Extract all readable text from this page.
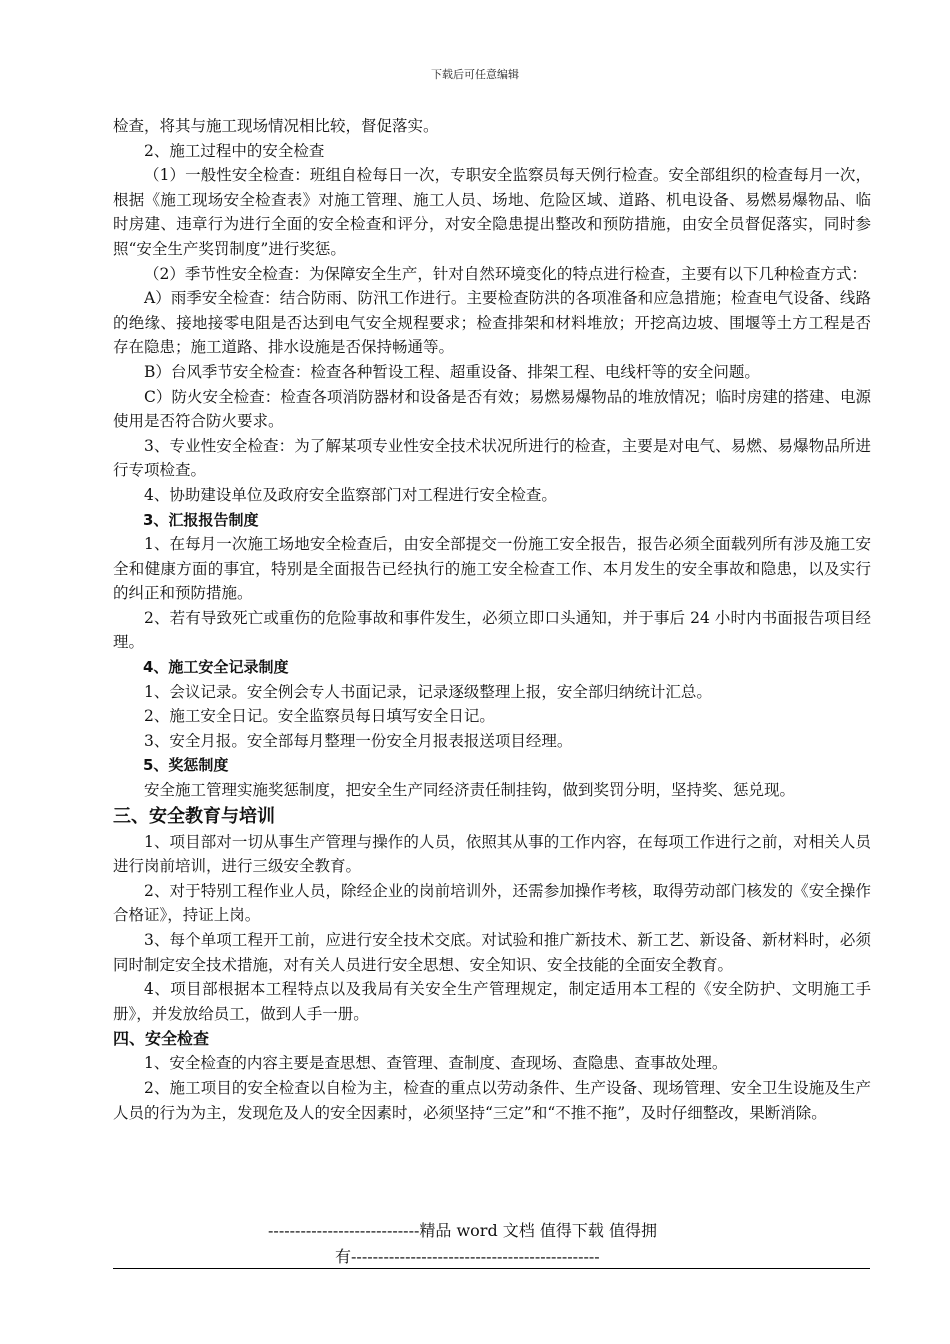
下载后可任意编辑

检查，将其与施工现场情况相比较，督促落实。

2、施工过程中的安全检查

（1）一般性安全检查：班组自检每日一次，专职安全监察员每天例行检查。安全部组织的检查每月一次，根据《施工现场安全检查表》对施工管理、施工人员、场地、危险区域、道路、机电设备、易燃易爆物品、临时房建、违章行为进行全面的安全检查和评分，对安全隐患提出整改和预防措施，由安全员督促落实，同时参照“安全生产奖罚制度”进行奖惩。

（2）季节性安全检查：为保障安全生产，针对自然环境变化的特点进行检查，主要有以下几种检查方式：

A）雨季安全检查：结合防雨、防汛工作进行。主要检查防洪的各项准备和应急措施；检查电气设备、线路的绝缘、接地接零电阻是否达到电气安全规程要求；检查排架和材料堆放；开挖高边坡、围堰等土方工程是否存在隐患；施工道路、排水设施是否保持畅通等。

B）台风季节安全检查：检查各种暂设工程、超重设备、排架工程、电线杆等的安全问题。

C）防火安全检查：检查各项消防器材和设备是否有效；易燃易爆物品的堆放情况；临时房建的搭建、电源使用是否符合防火要求。

3、专业性安全检查：为了解某项专业性安全技术状况所进行的检查，主要是对电气、易燃、易爆物品所进行专项检查。

4、协助建设单位及政府安全监察部门对工程进行安全检查。

3、汇报报告制度

1、在每月一次施工场地安全检查后，由安全部提交一份施工安全报告，报告必须全面载列所有涉及施工安全和健康方面的事宜，特别是全面报告已经执行的施工安全检查工作、本月发生的安全事故和隐患，以及实行的纠正和预防措施。

2、若有导致死亡或重伤的危险事故和事件发生，必须立即口头通知，并于事后 24 小时内书面报告项目经理。

4、施工安全记录制度

1、会议记录。安全例会专人书面记录，记录逐级整理上报，安全部归纳统计汇总。

2、施工安全日记。安全监察员每日填写安全日记。

3、安全月报。安全部每月整理一份安全月报表报送项目经理。

5、奖惩制度

安全施工管理实施奖惩制度，把安全生产同经济责任制挂钩，做到奖罚分明，坚持奖、惩兑现。

三、安全教育与培训

1、项目部对一切从事生产管理与操作的人员，依照其从事的工作内容，在每项工作进行之前，对相关人员进行岗前培训，进行三级安全教育。

2、对于特别工程作业人员，除经企业的岗前培训外，还需参加操作考核，取得劳动部门核发的《安全操作合格证》，持证上岗。

3、每个单项工程开工前，应进行安全技术交底。对试验和推广新技术、新工艺、新设备、新材料时，必须同时制定安全技术措施，对有关人员进行安全思想、安全知识、安全技能的全面安全教育。

4、项目部根据本工程特点以及我局有关安全生产管理规定，制定适用本工程的《安全防护、文明施工手册》，并发放给员工，做到人手一册。

四、安全检查

1、安全检查的内容主要是查思想、查管理、查制度、查现场、查隐患、查事故处理。

2、施工项目的安全检查以自检为主，检查的重点以劳动条件、生产设备、现场管理、安全卫生设施及生产人员的行为为主，发现危及人的安全因素时，必须坚持“三定”和“不推不拖”，及时仔细整改，果断消除。

----------------------------精品 word 文档 值得下载 值得拥
有----------------------------------------------
